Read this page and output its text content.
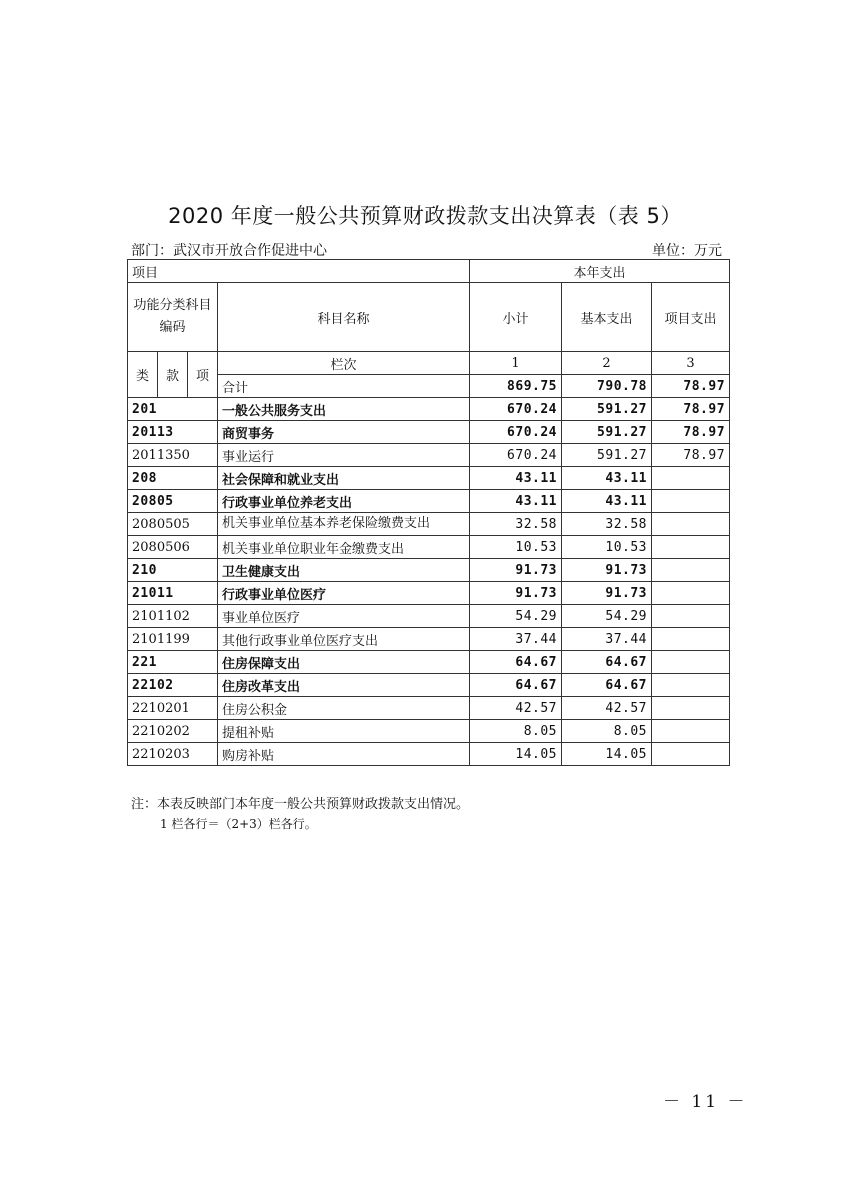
2020 年度一般公共预算财政拨款支出决算表（表 5）
部门：武汉市开放合作促进中心	单位：万元
项目				本年支出		
功能分类科目编码			科目名称	小计	基本支出	项目支出
类	款	项	栏次	1	2	3
			合计	869.75	790.78	78.97
201			一般公共服务支出	670.24	591.27	78.97
20113			商贸事务	670.24	591.27	78.97
2011350			事业运行	670.24	591.27	78.97
208			社会保障和就业支出	43.11	43.11	
20805			行政事业单位养老支出	43.11	43.11	
2080505			机关事业单位基本养老保险缴费支出	32.58	32.58	
2080506			机关事业单位职业年金缴费支出	10.53	10.53	
210			卫生健康支出	91.73	91.73	
21011			行政事业单位医疗	91.73	91.73	
2101102			事业单位医疗	54.29	54.29	
2101199			其他行政事业单位医疗支出	37.44	37.44	
221			住房保障支出	64.67	64.67	
22102			住房改革支出	64.67	64.67	
2210201			住房公积金	42.57	42.57	
2210202			提租补贴	8.05	8.05	
2210203			购房补贴	14.05	14.05	
注：本表反映部门本年度一般公共预算财政拨款支出情况。
1 栏各行＝（2+3）栏各行。
－ 11 －
